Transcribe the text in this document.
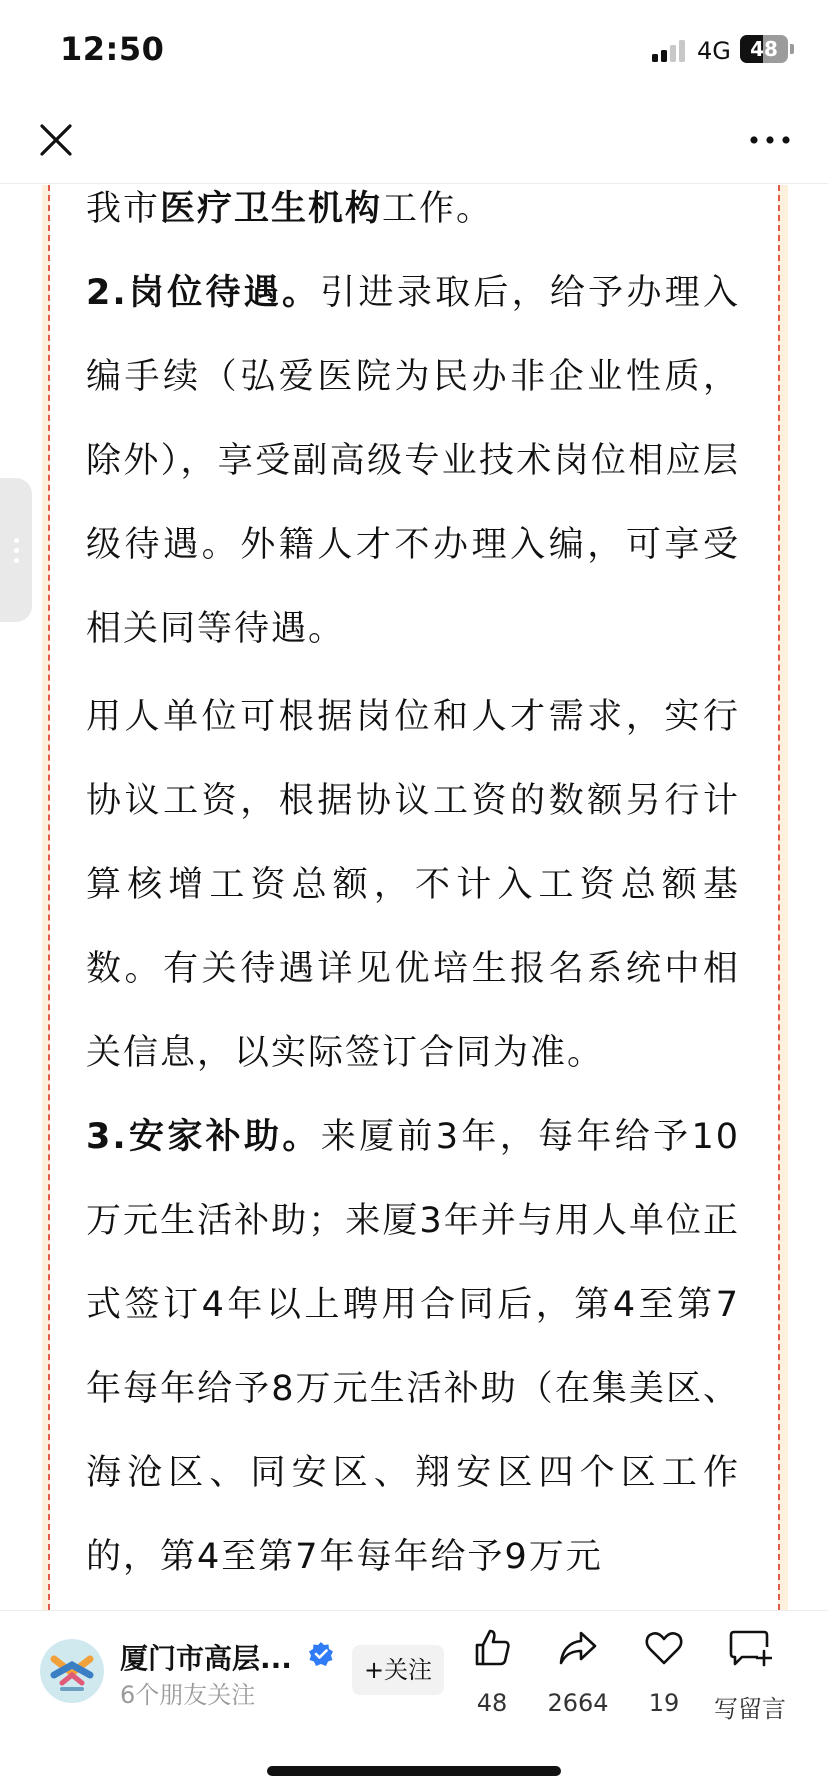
12:50	4G 48

我市医疗卫生机构工作。

2.岗位待遇。引进录取后，给予办理入编手续（弘爱医院为民办非企业性质，除外），享受副高级专业技术岗位相应层级待遇。外籍人才不办理入编，可享受相关同等待遇。

用人单位可根据岗位和人才需求，实行协议工资，根据协议工资的数额另行计算核增工资总额，不计入工资总额基数。有关待遇详见优培生报名系统中相关信息，以实际签订合同为准。

3.安家补助。来厦前3年，每年给予10万元生活补助；来厦3年并与用人单位正式签订4年以上聘用合同后，第4至第7年每年给予8万元生活补助（在集美区、海沧区、同安区、翔安区四个区工作的，第4至第7年每年给予9万元

厦门市高层...
6个朋友关注
+关注
48	2664	19	写留言
